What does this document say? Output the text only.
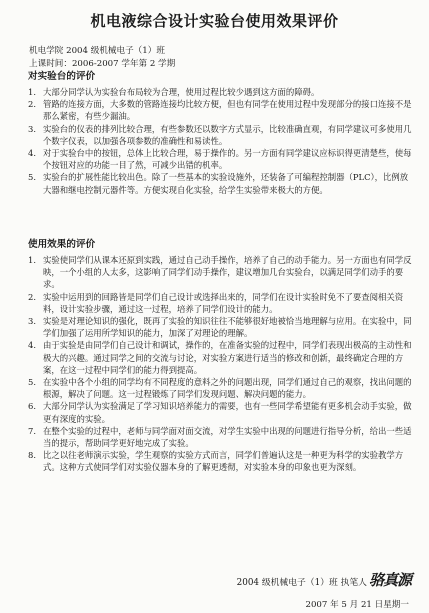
机电液综合设计实验台使用效果评价
机电学院 2004 级机械电子（1）班
上课时间：2006-2007 学年第 2 学期
对实验台的评价
1. 大部分同学认为实验台布局较为合理，使用过程比较少遇到这方面的障碍。
2. 管路的连接方面，大多数的管路连接均比较方便，但也有同学在使用过程中发现部分的接口连接不是那么紧密，有些少漏油。
3. 实验台的仪表的排列比较合理，有些参数还以数字方式显示，比较准确直观，有同学建议可多使用几个数字仪表，以加强各项参数的准确性和易读性。
4. 对于实验台中的按钮，总体上比较合理，易于操作的。另一方面有同学建议应标识得更清楚些，使每个按钮对应的功能一目了然，可减少出错的机率。
5. 实验台的扩展性能比较出色。除了一些基本的实验设施外，还装备了可编程控制器（PLC），比例放大器和继电控制元器件等。方便实现自化实验，给学生实验带来极大的方便。
使用效果的评价
1. 实验使同学们从课本还原到实践，通过自己动手操作，培养了自己的动手能力。另一方面也有同学反映，一个小组的人太多，这影响了同学们动手操作，建议增加几台实验台，以满足同学们动手的要求。
2. 实验中运用到的回路皆是同学们自己设计或选择出来的，同学们在设计实验时免不了要查阅相关资料，设计实验步骤，通过这一过程，培养了同学们设计的能力。
3. 实验是对理论知识的强化，既再了实验的知识往往不能够很好地被恰当地理解与应用。在实验中，同学们加强了运用所学知识的能力，加深了对理论的理解。
4. 由于实验是由同学们自己设计和调试，操作的，在准备实验的过程中，同学们表现出极高的主动性和极大的兴趣。通过同学之间的交流与讨论，对实验方案进行适当的修改和创新，最终确定合理的方案，在这一过程中同学们的能力得到提高。
5. 在实验中各个小组的同学均有不同程度的意料之外的问题出现，同学们通过自己的观察，找出问题的根源，解决了问题。这一过程锻炼了同学们发现问题、解决问题的能力。
6. 大部分同学认为实验满足了学习知识培养能力的需要，也有一些同学希望能有更多机会动手实验，做更有深度的实验。
7. 在整个实验的过程中，老师与同学面对面交流，对学生实验中出现的问题进行指导分析，给出一些适当的提示，帮助同学更好地完成了实验。
8. 比之以往老师演示实验，学生观察的实验方式而言，同学们普遍认这是一种更为科学的实验教学方式。这种方式使同学们对实验仪器本身的了解更透彻，对实验本身的印象也更为深刻。
2004 级机械电子（1）班 执笔人 骆真源
2007 年 5 月 21 日星期一
